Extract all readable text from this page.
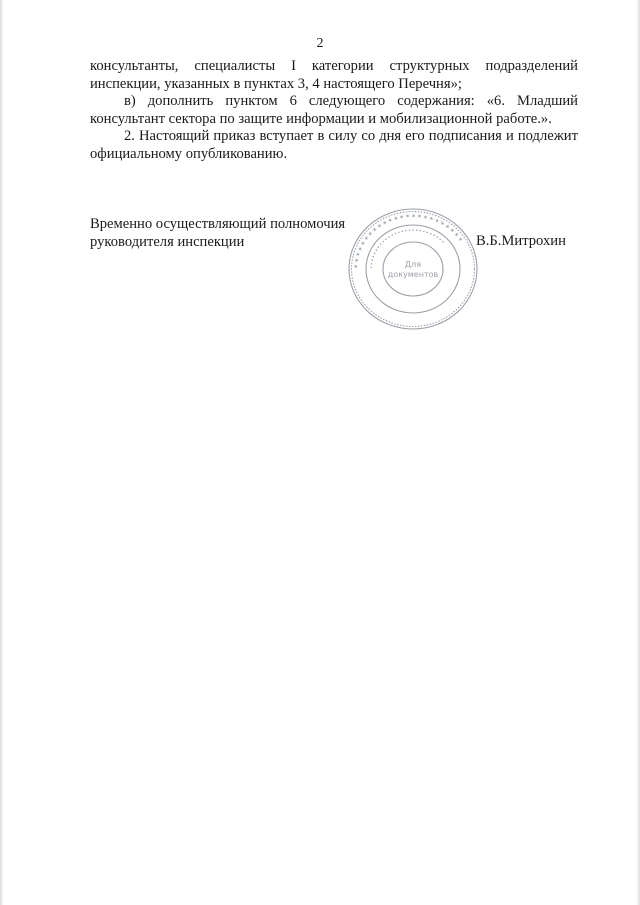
2

консультанты, специалисты I категории структурных подразделений инспекции, указанных в пунктах 3, 4 настоящего Перечня»;

в) дополнить пунктом 6 следующего содержания: «6. Младший консультант сектора по защите информации и мобилизационной работе.».

2. Настоящий приказ вступает в силу со дня его подписания и подлежит официальному опубликованию.

Временно осуществляющий полномочия
руководителя инспекции	В.Б.Митрохин
✶✶✶✶✶✶✶✶✶✶✶✶✶✶✶✶✶✶✶✶✶✶✶✶
•••••••••••••••••••••••••••
Для
документов
